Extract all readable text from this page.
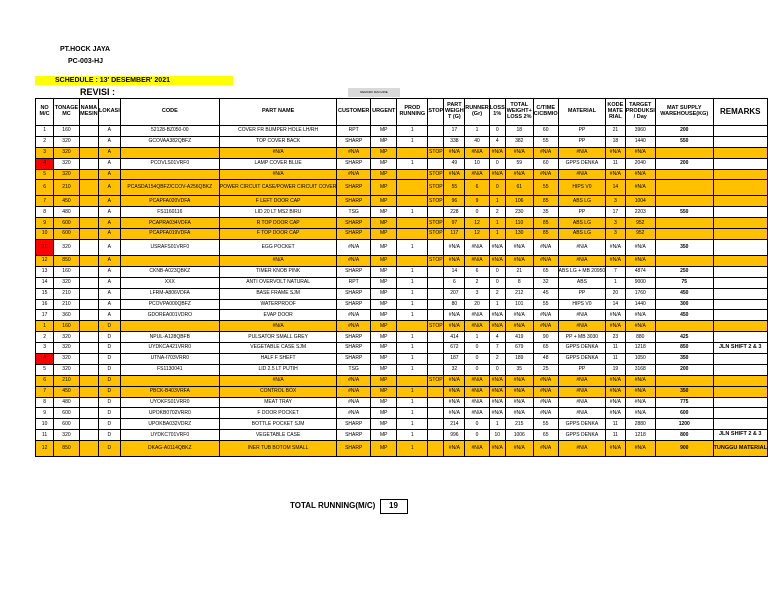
PT.HOCK JAYA
PC-003-HJ
SCHEDULE : 13' DESEMBER' 2021
REVISI :	REMARK MACHINE
NO M/C	TONAGE MC	NAMA MESIN	LOKASI	CODE	PART NAME	CUSTOMER	URGENT	PROD RUNNING	STOP	PART WEIGH T (G)	RUNNER (Gr)	LOSS 1%	TOTAL WEIGHT+ LOSS 2%	C/TIME C/CBMIO	MATERIAL	KODE MATE RIAL	TARGET PRODUKSI / Day	MAT SUPPLY WAREHOUSE(KG)	REMARKS
1	160		A	52128-BZ050-00	COVER FR BUMPER HOLE LH/RH	RPT	MP	1		17	1	0	18	60	PP	21	3960	200	
2	320		A	GCOVAA382QBFZ	TOP COVER BACK	SHARP	MP	1		338	40	4	382	55	PP	18	1440	550	
3	320		A		#N/A	#N/A	MP		STOP	#N/A	#N/A	#N/A	#N/A	#N/A	#N/A	#N/A	#N/A		
4	320		A	PCOVLS01VRF0	LAMP COVER BLUE	SHARP	MP	1		49	10	0	59	60	GPPS DENKA	11	2040	200	
5	320		A		#N/A	#N/A	MP		STOP	#N/A	#N/A	#N/A	#N/A	#N/A	#N/A	#N/A	#N/A		
6	210		A	PCASDA154QBFZ/CCOV-A256QBKZ	POWER CIRCUIT CASE/POWER CIRCUIT COVER	SHARP	MP		STOP	55	6	0	61	55	HIPS V0	14	#N/A		
7	450		A	PCAPFA020VDFA	F LEFT DOOR CAP	SHARP	MP		STOP	96	9	1	106	85	ABS LG	3	1004		
8	480		A	FS1160116	LID 20 LT MS2 BIRU	TSG	MP	1		228	0	2	230	35	PP	17	2203	550	
9	600		A	PCAPRA034VDFA	R TOP DOOR CAP	SHARP	MP		STOP	97	12	1	110	85	ABS LG	3	952		
10	600		A	PCAPFA019VDFA	F TOP DOOR CAP	SHARP	MP		STOP	117	12	1	130	85	ABS LG	3	952		
11	320		A	USRAFS01VRF0	EGG POCKET	#N/A	MP	1		#N/A	#N/A	#N/A	#N/A	#N/A	#N/A	#N/A	#N/A	350	
12	850		A		#N/A	#N/A	MP		STOP	#N/A	#N/A	#N/A	#N/A	#N/A	#N/A	#N/A	#N/A		
13	160		A	CKNB-A023QBKZ	TIMER KNOB PINK	SHARP	MP	1		14	6	0	21	65	ABS LG + MB 20950	7	4874	250	
14	320		A	XXX	ANTI OVERVOLT NATURAL	RPT	MP	1		6	2	0	8	32	ABS	1	9000	75	
15	210		A	LFRM-A806VDFA	BASE FRAME SJM	SHARP	MP	1		207	3	2	212	45	PP	20	1760	450	
16	210		A	PCOVPA000QBFZ	WATERPROOF	SHARP	MP	1		80	20	1	101	55	HIPS V0	14	1440	300	
17	360		A	GDOREA001VDRO	EVAP DOOR	#N/A	MP	1		#N/A	#N/A	#N/A	#N/A	#N/A	#N/A	#N/A	#N/A	450	
1	160		D		#N/A	#N/A	MP		STOP	#N/A	#N/A	#N/A	#N/A	#N/A	#N/A	#N/A	#N/A		
2	320		D	NPUL-A128QBFB	PULSATOR SMALL GREY	SHARP	MP	1		414	1	4	419	90	PP + MB 3030	23	880	425	
3	320		D	UYDKCA421VRR0	VEGETABLE CASE SJM	SHARP	MP	1		672	0	7	679	65	GPPS DENKA	11	1218	850	JLN SHIFT 2 & 3
4	320		D	UTNA-I703VRR0	HALF F SHEFT	SHARP	MP	1		187	0	2	189	48	GPPS DENKA	11	1050	350	
5	320		D	FS1130041	LID 2.5 LT PUTIH	TSG	MP	1		32	0	0	35	25	PP	19	3168	200	
6	210		D		#N/A	#N/A	MP		STOP	#N/A	#N/A	#N/A	#N/A	#N/A	#N/A	#N/A	#N/A		
7	450		D	PBCK-B403VRFA	CONTROL BOX	#N/A	MP	1		#N/A	#N/A	#N/A	#N/A	#N/A	#N/A	#N/A	#N/A	350	
8	480		D	UYOKFS01VRR0	MEAT TRAY	#N/A	MP	1		#N/A	#N/A	#N/A	#N/A	#N/A	#N/A	#N/A	#N/A	775	
9	600		D	UPOKB0702VRR0	F DOOR POCKET	#N/A	MP	1		#N/A	#N/A	#N/A	#N/A	#N/A	#N/A	#N/A	#N/A	600	
10	600		D	UPOKBA032VDRZ	BOTTLE POCKET SJM	SHARP	MP	1		214	0	1	215	55	GPPS DENKA	11	2880	1200	
11	320		D	UYDKC701VRF0	VEGETABLE CASE	SHARP	MP	1		996	0	10	1006	65	GPPS DENKA	11	1218	800	JLN SHIFT 2 & 3
12	850		D	DKAG-A0114QBKZ	INER TUB BOTOM SMALL	SHARP	MP	1		#N/A	#N/A	#N/A	#N/A	#N/A	#N/A	#N/A	#N/A	900	TUNGGU MATERIAL
TOTAL RUNNING(M/C) 19
